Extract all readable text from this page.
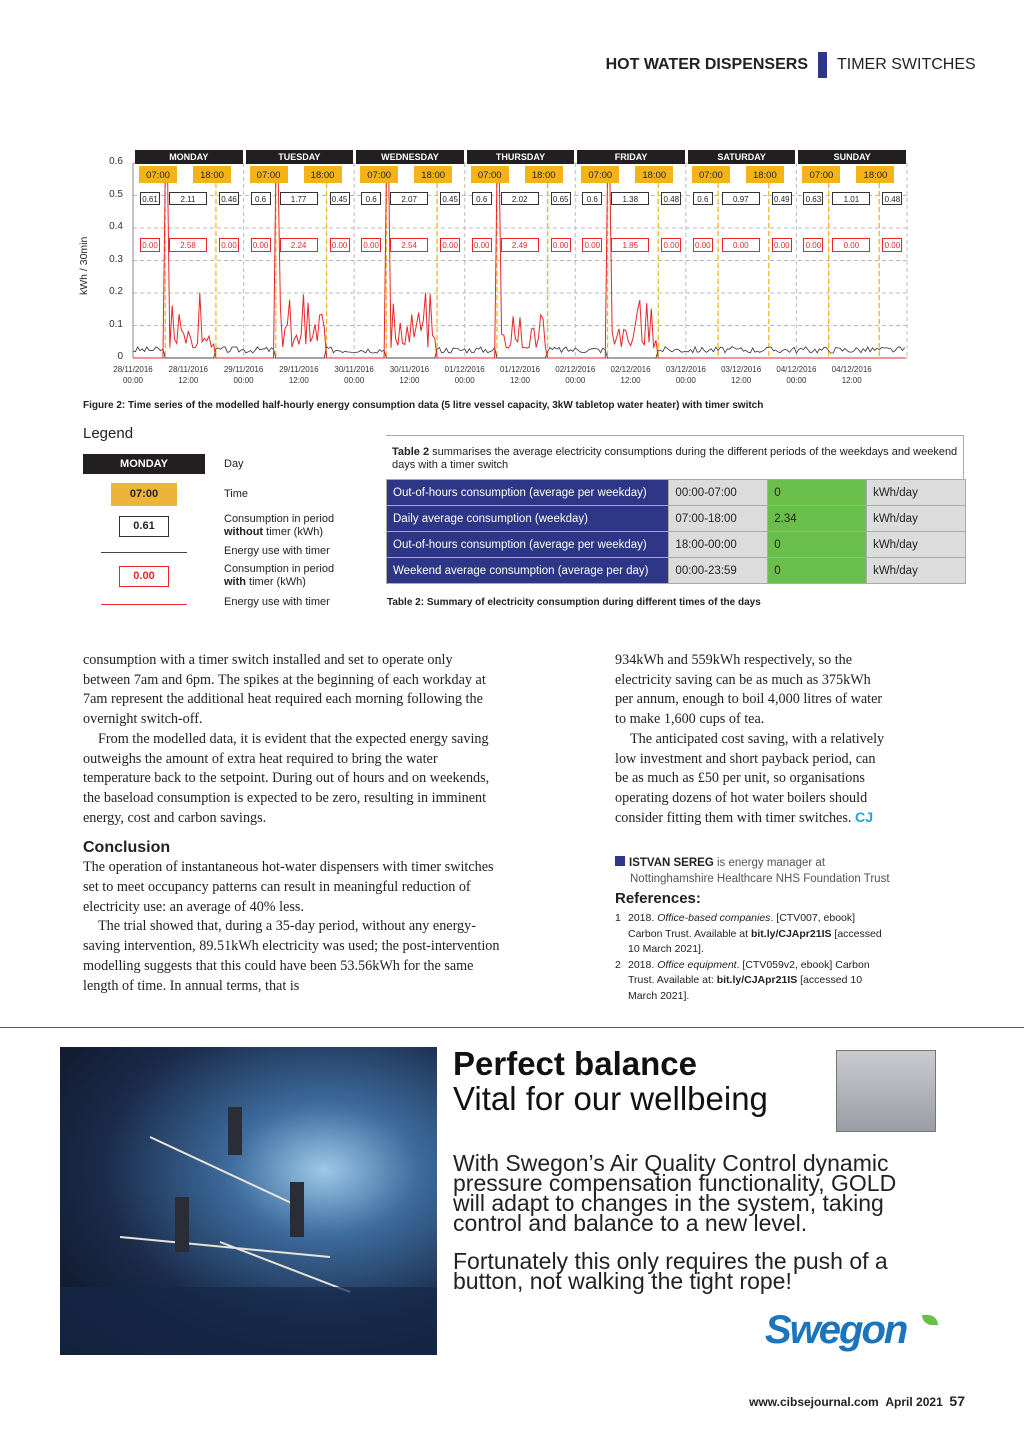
HOT WATER DISPENSERS TIMER SWITCHES
kWh / 30min
0
0.1
0.2
0.3
0.4
0.5
0.6
28/11/2016
00:00
28/11/2016
12:00
29/11/2016
00:00
29/11/2016
12:00
30/11/2016
00:00
30/11/2016
12:00
01/12/2016
00:00
01/12/2016
12:00
02/12/2016
00:00
02/12/2016
12:00
03/12/2016
00:00
03/12/2016
12:00
04/12/2016
00:00
04/12/2016
12:00
MONDAY
07:00	18:00
0.61
0.00
2.11
2.58
0.46
0.00
TUESDAY
07:00	18:00
0.6
0.00
1.77
2.24
0.45
0.00
WEDNESDAY
07:00	18:00
0.6
0.00
2.07
2.54
0.45
0.00
THURSDAY
07:00	18:00
0.6
0.00
2.02
2.49
0.65
0.00
FRIDAY
07:00	18:00
0.6
0.00
1.38
1.85
0.48
0.00
SATURDAY
07:00	18:00
0.6
0.00
0.97
0.00
0.49
0.00
SUNDAY
07:00	18:00
0.63
0.00
1.01
0.00
0.48
0.00
Figure 2: Time series of the modelled half-hourly energy consumption data (5 litre vessel capacity, 3kW tabletop water heater) with timer switch
Legend
MONDAY	Day
07:00	Time
0.61
Consumption in period
without timer (kWh)
Energy use with timer
0.00
Consumption in period
with timer (kWh)
Energy use with timer
Table 2 summarises the average electricity consumptions during the different periods of the weekdays and weekend days with a timer switch
Out-of-hours consumption (average per weekday)	00:00-07:00	0	kWh/day
Daily average consumption (weekday)	07:00-18:00	2.34	kWh/day
Out-of-hours consumption (average per weekday)	18:00-00:00	0	kWh/day
Weekend average consumption (average per day)	00:00-23:59	0	kWh/day
Table 2: Summary of electricity consumption during different times of the days

consumption with a timer switch installed and set to operate only between 7am and 6pm. The spikes at the beginning of each workday at 7am represent the additional heat required each morning following the overnight switch-off.

From the modelled data, it is evident that the expected energy saving outweighs the amount of extra heat required to bring the water temperature back to the setpoint. During out of hours and on weekends, the baseload consumption is expected to be zero, resulting in imminent energy, cost and carbon savings.

Conclusion

The operation of instantaneous hot-water dispensers with timer switches set to meet occupancy patterns can result in meaningful reduction of electricity use: an average of 40% less.

The trial showed that, during a 35-day period, without any energy-saving intervention, 89.51kWh electricity was used; the post-intervention modelling suggests that this could have been 53.56kWh for the same length of time. In annual terms, that is

934kWh and 559kWh respectively, so the electricity saving can be as much as 375kWh per annum, enough to boil 4,000 litres of water to make 1,600 cups of tea.

The anticipated cost saving, with a relatively low investment and short payback period, can be as much as £50 per unit, so organisations operating dozens of hot water boilers should consider fitting them with timer switches. CJ

ISTVAN SEREG is energy manager at
Nottinghamshire Healthcare NHS Foundation Trust
References:
1 2018. Office-based companies. [CTV007, ebook] Carbon Trust. Available at bit.ly/CJApr21IS [accessed 10 March 2021].
2 2018. Office equipment. [CTV059v2, ebook] Carbon Trust. Available at: bit.ly/CJApr21IS [accessed 10 March 2021].
Perfect balance
Vital for our wellbeing
With Swegon’s Air Quality Control dynamic pressure compensation functionality, GOLD will adapt to changes in the system, taking control and balance to a new level.
Fortunately this only requires the push of a button, not walking the tight rope!
Swegon
www.cibsejournal.com April 2021 57
